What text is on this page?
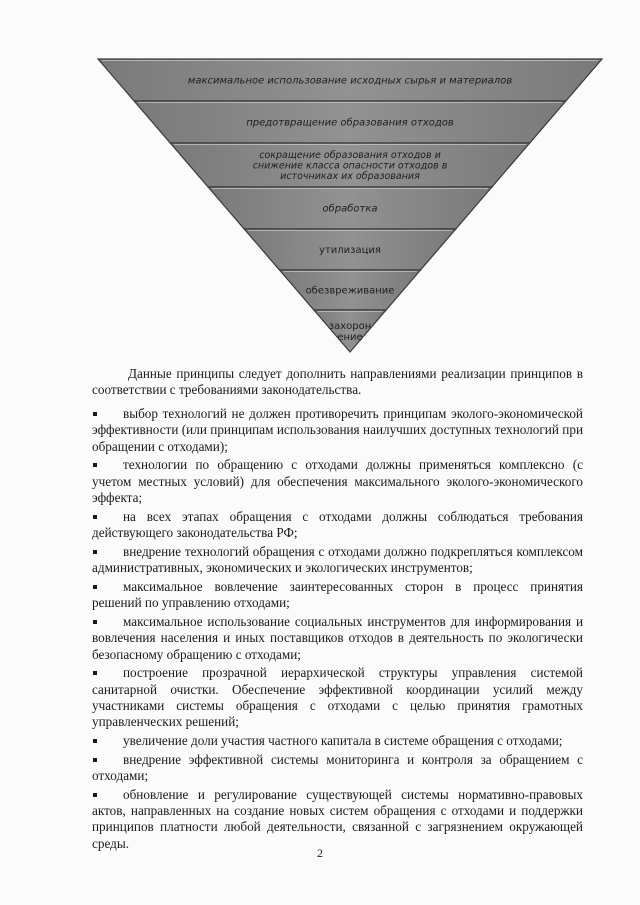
максимальное использование исходных сырья и материалов
предотвращение образования отходов
сокращение образования отходов и
снижение класса опасности отходов в
источниках их образования
обработка
утилизация
обезвреживание
захорон
ение

Данные принципы следует дополнить направлениями реализации принципов в соответствии с требованиями законодательства.

выбор технологий не должен противоречить принципам эколого-экономической эффективности (или принципам использования наилучших доступных технологий при обращении с отходами);
технологии по обращению с отходами должны применяться комплексно (с учетом местных условий) для обеспечения максимального эколого-экономического эффекта;
на всех этапах обращения с отходами должны соблюдаться требования действующего законодательства РФ;
внедрение технологий обращения с отходами должно подкрепляться комплексом административных, экономических и экологических инструментов;
максимальное вовлечение заинтересованных сторон в процесс принятия решений по управлению отходами;
максимальное использование социальных инструментов для информирования и вовлечения населения и иных поставщиков отходов в деятельность по экологически безопасному обращению с отходами;
построение прозрачной иерархической структуры управления системой санитарной очистки. Обеспечение эффективной координации усилий между участниками системы обращения с отходами с целью принятия грамотных управленческих решений;
увеличение доли участия частного капитала в системе обращения с отходами;
внедрение эффективной системы мониторинга и контроля за обращением с отходами;
обновление и регулирование существующей системы нормативно-правовых актов, направленных на создание новых систем обращения с отходами и поддержки принципов платности любой деятельности, связанной с загрязнением окружающей среды.
2
